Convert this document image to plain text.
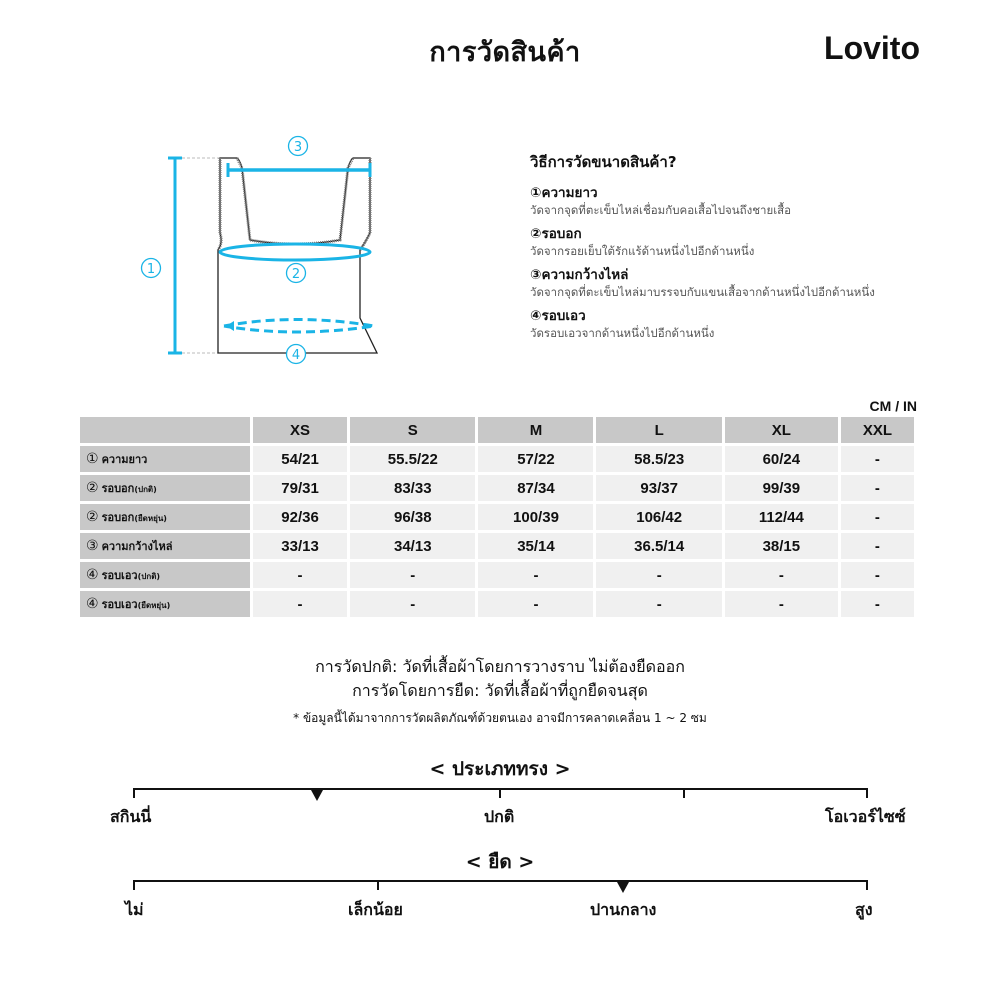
การวัดสินค้า	Lovito
3
1	2
4
วิธีการวัดขนาดสินค้า?
①ความยาว
วัดจากจุดที่ตะเข็บไหล่เชื่อมกับคอเสื้อไปจนถึงชายเสื้อ
②รอบอก
วัดจากรอยเย็บใต้รักแร้ด้านหนึ่งไปอีกด้านหนึ่ง
③ความกว้างไหล่
วัดจากจุดที่ตะเข็บไหล่มาบรรจบกับแขนเสื้อจากด้านหนึ่งไปอีกด้านหนึ่ง
④รอบเอว
วัดรอบเอวจากด้านหนึ่งไปอีกด้านหนึ่ง
CM / IN
	XS	S	M	L	XL	XXL
① ความยาว	54/21	55.5/22	57/22	58.5/23	60/24	-
② รอบอก(ปกติ)	79/31	83/33	87/34	93/37	99/39	-
② รอบอก(ยืดหยุ่น)	92/36	96/38	100/39	106/42	112/44	-
③ ความกว้างไหล่	33/13	34/13	35/14	36.5/14	38/15	-
④ รอบเอว(ปกติ)	-	-	-	-	-	-
④ รอบเอว(ยืดหยุ่น)	-	-	-	-	-	-
การวัดปกติ: วัดที่เสื้อผ้าโดยการวางราบ ไม่ต้องยืดออก
การวัดโดยการยืด: วัดที่เสื้อผ้าที่ถูกยืดจนสุด
* ข้อมูลนี้ได้มาจากการวัดผลิตภัณฑ์ด้วยตนเอง อาจมีการคลาดเคลื่อน 1 ~ 2 ซม
< ประเภททรง >
สกินนี่	ปกติ	โอเวอร์ไซซ์
< ยืด >
ไม่	เล็กน้อย	ปานกลาง	สูง
